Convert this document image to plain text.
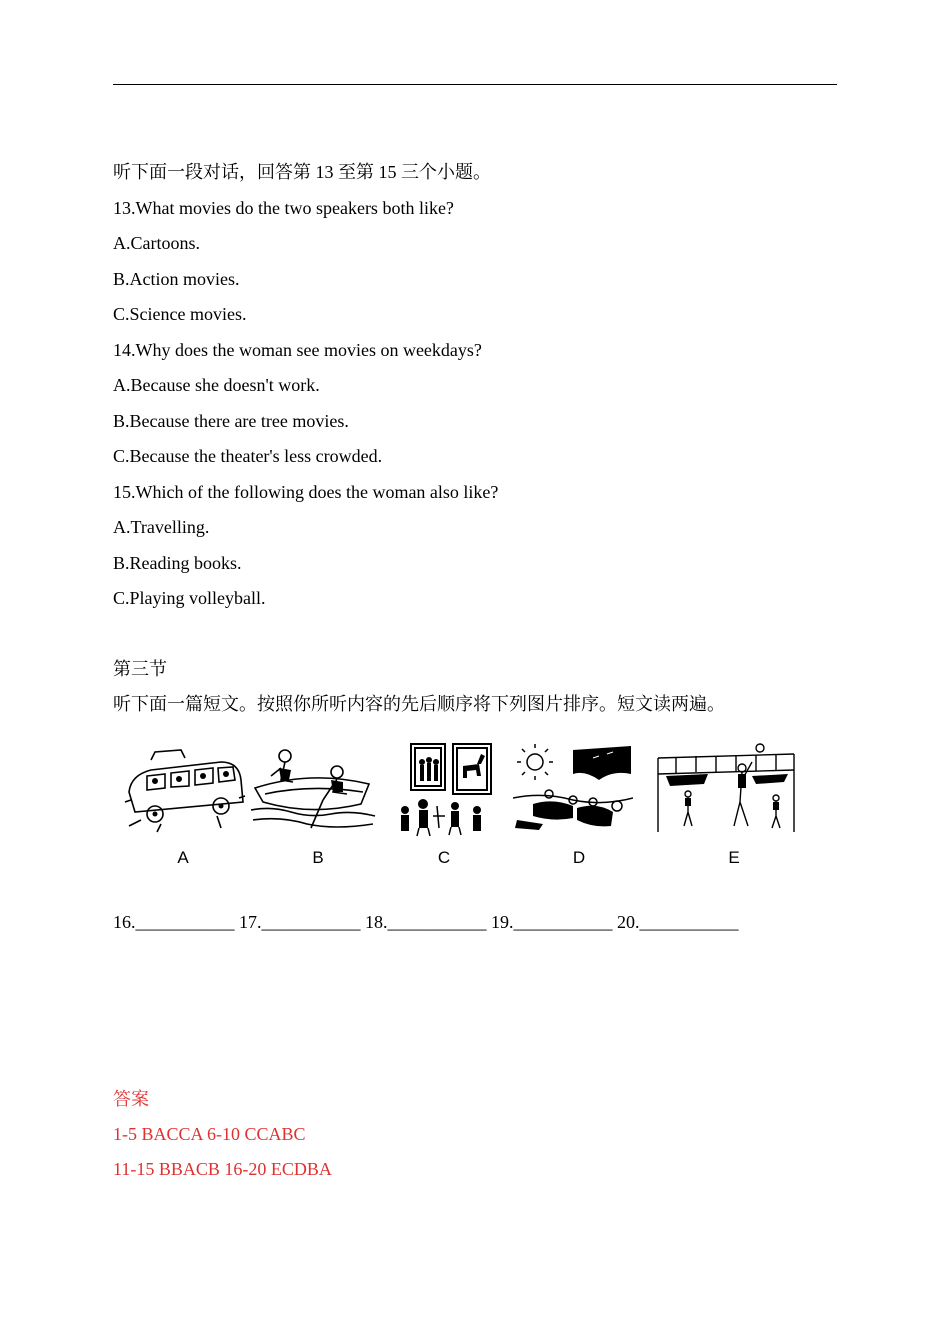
听下面一段对话，回答第 13 至第 15 三个小题。
13.What movies do the two speakers both like?
A.Cartoons.
B.Action movies.
C.Science movies.
14.Why does the woman see movies on weekdays?
A.Because she doesn't work.
B.Because there are tree movies.
C.Because the theater's less crowded.
15.Which of the following does the woman also like?
A.Travelling.
B.Reading books.
C.Playing volleyball.
第三节
听下面一篇短文。按照你所听内容的先后顺序将下列图片排序。短文读两遍。
A	B	C	D	E
16.___________ 17.___________ 18.___________ 19.___________ 20.___________
答案
1-5 BACCA 6-10 CCABC
11-15 BBACB 16-20 ECDBA
